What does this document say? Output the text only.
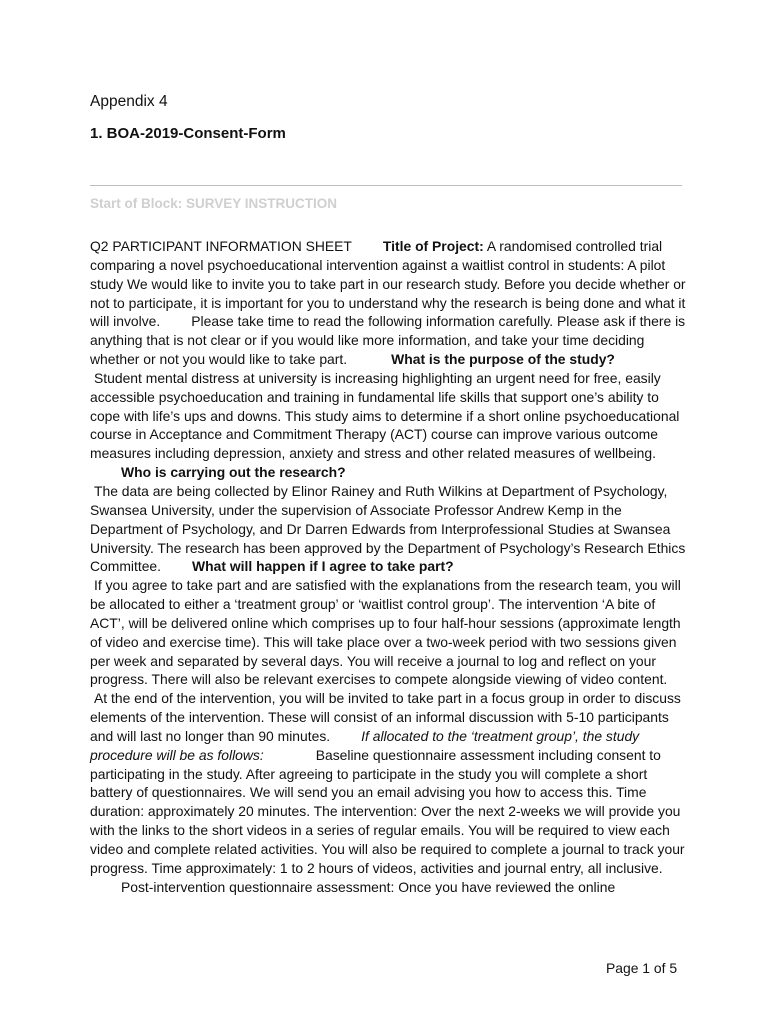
Appendix 4
1. BOA-2019-Consent-Form
Start of Block: SURVEY INSTRUCTION

Q2 PARTICIPANT INFORMATION SHEET Title of Project: A randomised controlled trial comparing a novel psychoeducational intervention against a waitlist control in students: A pilot study We would like to invite you to take part in our research study. Before you decide whether or not to participate, it is important for you to understand why the research is being done and what it will involve. Please take time to read the following information carefully. Please ask if there is anything that is not clear or if you would like more information, and take your time deciding whether or not you would like to take part.	What is the purpose of the study?
Student mental distress at university is increasing highlighting an urgent need for free, easily accessible psychoeducation and training in fundamental life skills that support one’s ability to cope with life’s ups and downs. This study aims to determine if a short online psychoeducational course in Acceptance and Commitment Therapy (ACT) course can improve various outcome measures including depression, anxiety and stress and other related measures of wellbeing.Who is carrying out the research?
The data are being collected by Elinor Rainey and Ruth Wilkins at Department of Psychology, Swansea University, under the supervision of Associate Professor Andrew Kemp in the Department of Psychology, and Dr Darren Edwards from Interprofessional Studies at Swansea University. The research has been approved by the Department of Psychology’s Research Ethics Committee. What will happen if I agree to take part?
If you agree to take part and are satisfied with the explanations from the research team, you will be allocated to either a ‘treatment group’ or ‘waitlist control group’. The intervention ‘A bite of ACT’, will be delivered online which comprises up to four half-hour sessions (approximate length of video and exercise time). This will take place over a two-week period with two sessions given per week and separated by several days. You will receive a journal to log and reflect on your progress. There will also be relevant exercises to compete alongside viewing of video content.
At the end of the intervention, you will be invited to take part in a focus group in order to discuss elements of the intervention. These will consist of an informal discussion with 5-10 participants and will last no longer than 90 minutes. If allocated to the ‘treatment group’, the study procedure will be as follows:	Baseline questionnaire assessment including consent to participating in the study. After agreeing to participate in the study you will complete a short battery of questionnaires. We will send you an email advising you how to access this. Time duration: approximately 20 minutes. The intervention: Over the next 2-weeks we will provide you with the links to the short videos in a series of regular emails. You will be required to view each video and complete related activities. You will also be required to complete a journal to track your progress. Time approximately: 1 to 2 hours of videos, activities and journal entry, all inclusive.Post-intervention questionnaire assessment: Once you have reviewed the online

Page 1 of 5
